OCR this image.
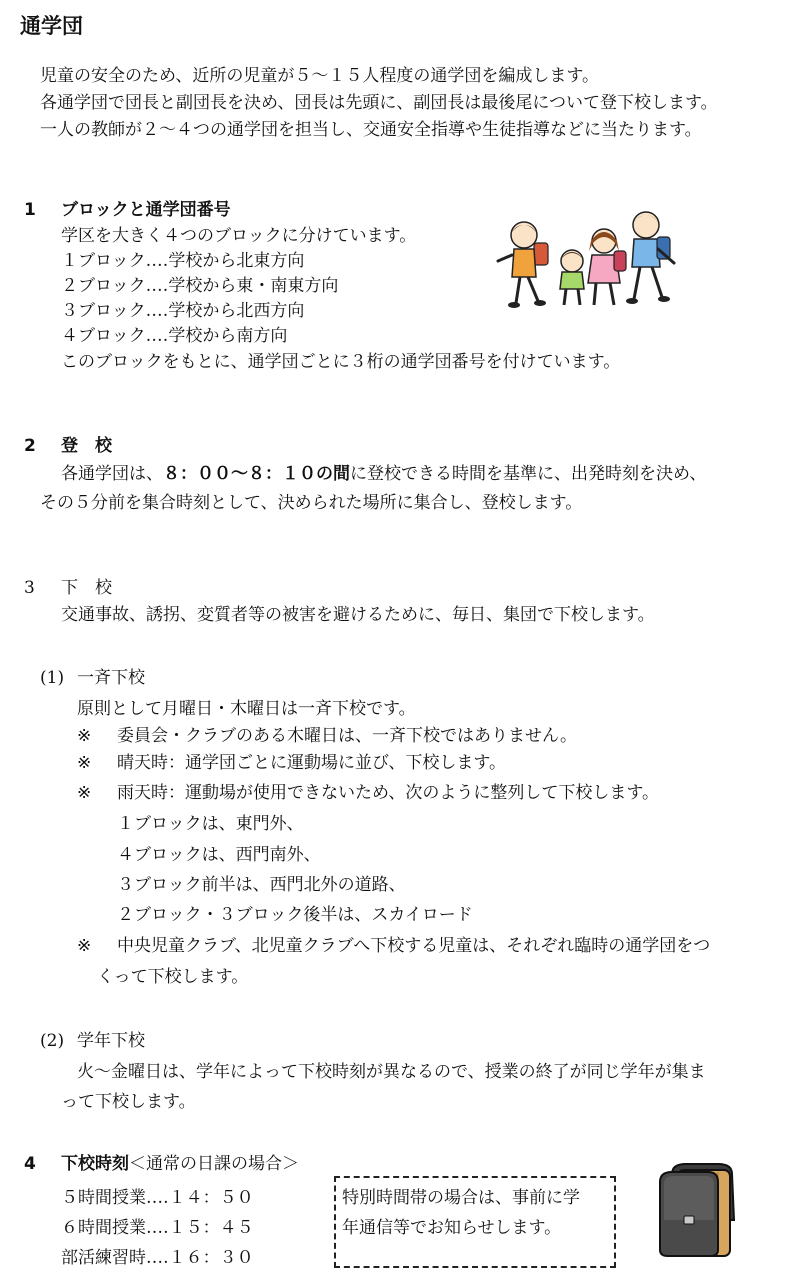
通学団
児童の安全のため、近所の児童が５～１５人程度の通学団を編成します。
各通学団で団長と副団長を決め、団長は先頭に、副団長は最後尾について登下校します。
一人の教師が２～４つの通学団を担当し、交通安全指導や生徒指導などに当たります。
1 ブロックと通学団番号
学区を大きく４つのブロックに分けています。
１ブロック‥‥学校から北東方向
２ブロック‥‥学校から東・南東方向
３ブロック‥‥学校から北西方向
４ブロック‥‥学校から南方向
このブロックをもとに、通学団ごとに３桁の通学団番号を付けています。
2 登　校
各通学団は、８：００～８：１０の間に登校できる時間を基準に、出発時刻を決め、
その５分前を集合時刻として、決められた場所に集合し、登校します。
3 下　校
交通事故、誘拐、変質者等の被害を避けるために、毎日、集団で下校します。
(1) 一斉下校
原則として月曜日・木曜日は一斉下校です。
※ 委員会・クラブのある木曜日は、一斉下校ではありません。
※ 晴天時：通学団ごとに運動場に並び、下校します。
※ 雨天時：運動場が使用できないため、次のように整列して下校します。
１ブロックは、東門外、
４ブロックは、西門南外、
３ブロック前半は、西門北外の道路、
２ブロック・３ブロック後半は、スカイロード
※ 中央児童クラブ、北児童クラブへ下校する児童は、それぞれ臨時の通学団をつ
くって下校します。
(2) 学年下校
火～金曜日は、学年によって下校時刻が異なるので、授業の終了が同じ学年が集ま
って下校します。
4 下校時刻＜通常の日課の場合＞
５時間授業‥‥１４：５０
６時間授業‥‥１５：４５
部活練習時‥‥１６：３０
特別時間帯の場合は、事前に学
年通信等でお知らせします。
